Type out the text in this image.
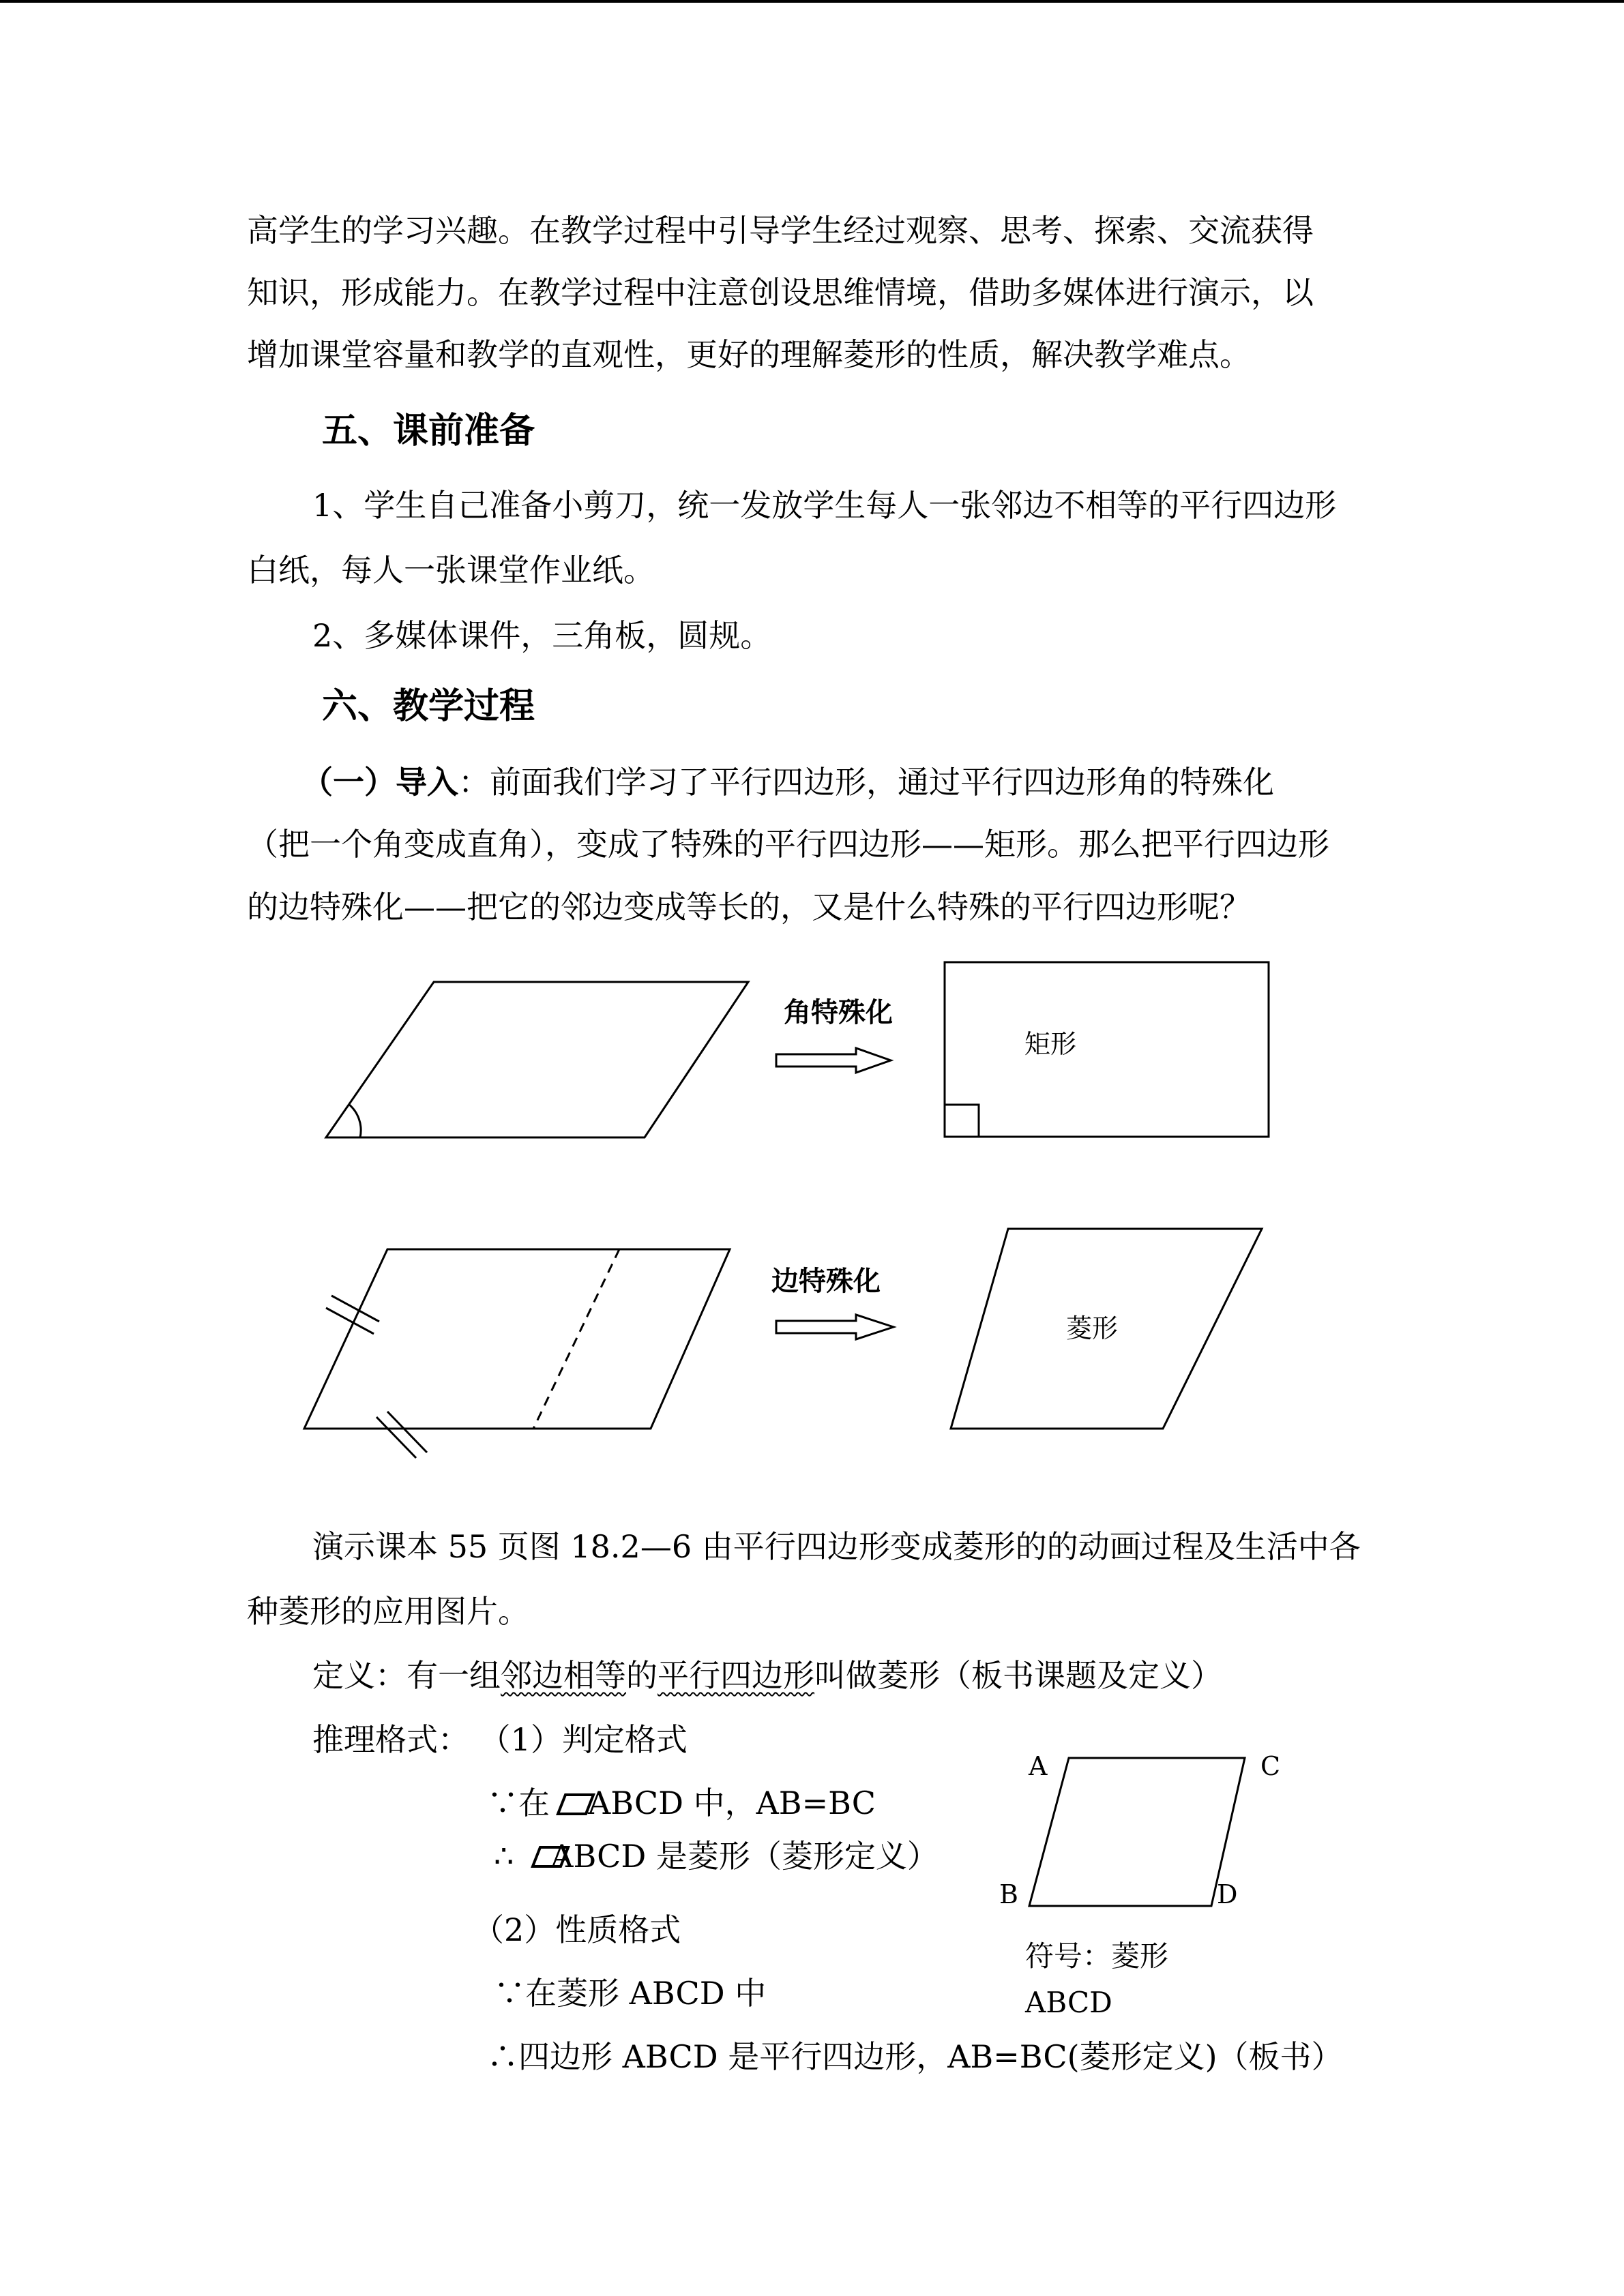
高学生的学习兴趣。在教学过程中引导学生经过观察、思考、探索、交流获得
知识，形成能力。在教学过程中注意创设思维情境，借助多媒体进行演示，以
增加课堂容量和教学的直观性，更好的理解菱形的性质，解决教学难点。
五、课前准备
1、学生自己准备小剪刀，统一发放学生每人一张邻边不相等的平行四边形
白纸，每人一张课堂作业纸。
2、多媒体课件，三角板，圆规。
六、教学过程
（一）导入：前面我们学习了平行四边形，通过平行四边形角的特殊化
（把一个角变成直角），变成了特殊的平行四边形——矩形。那么把平行四边形
的边特殊化——把它的邻边变成等长的，又是什么特殊的平行四边形呢？
角特殊化
矩形
边特殊化
菱形
演示课本 55 页图 18.2—6 由平行四边形变成菱形的的动画过程及生活中各
种菱形的应用图片。
定义：有一组邻边相等的平行四边形叫做菱形（板书课题及定义）
推理格式： （1）判定格式
∵在 ABCD 中，AB=BC
∴ ABCD 是菱形（菱形定义）
（2）性质格式
∵在菱形 ABCD 中
∴四边形 ABCD 是平行四边形，AB=BC(菱形定义)（板书）
A	C
B	D
符号：菱形
ABCD
